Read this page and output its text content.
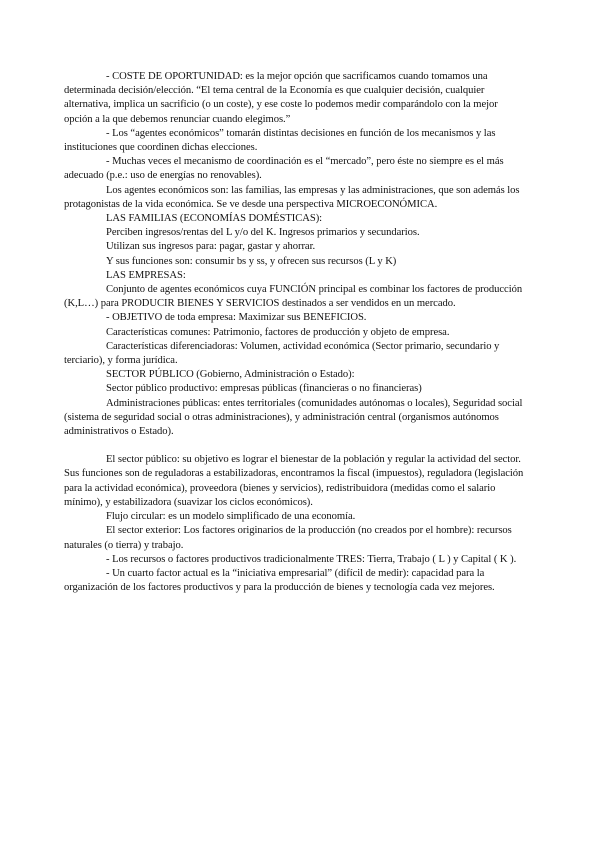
- COSTE DE OPORTUNIDAD: es la mejor opción que sacrificamos cuando tomamos una determinada decisión/elección. “El tema central de la Economía es que cualquier decisión, cualquier alternativa, implica un sacrificio (o un coste), y ese coste lo podemos medir comparándolo con la mejor opción a la que debemos renunciar cuando elegimos.”

- Los “agentes económicos” tomarán distintas decisiones en función de los mecanismos y las instituciones que coordinen dichas elecciones.

- Muchas veces el mecanismo de coordinación es el “mercado”, pero éste no siempre es el más adecuado (p.e.: uso de energías no renovables).

Los agentes económicos son: las familias, las empresas y las administraciones, que son además los protagonistas de la vida económica. Se ve desde una perspectiva MICROECONÓMICA.

LAS FAMILIAS (ECONOMÍAS DOMÉSTICAS):

Perciben ingresos/rentas del L y/o del K. Ingresos primarios y secundarios.

Utilizan sus ingresos para: pagar, gastar y ahorrar.

Y sus funciones son: consumir bs y ss, y ofrecen sus recursos (L y K)

LAS EMPRESAS:

Conjunto de agentes económicos cuya FUNCIÓN principal es combinar los factores de producción (K,L…) para PRODUCIR BIENES Y SERVICIOS destinados a ser vendidos en un mercado.

- OBJETIVO de toda empresa: Maximizar sus BENEFICIOS.

Características comunes: Patrimonio, factores de producción y objeto de empresa.

Características diferenciadoras: Volumen, actividad económica (Sector primario, secundario y terciario), y forma jurídica.

SECTOR PÚBLICO (Gobierno, Administración o Estado):

Sector público productivo: empresas públicas (financieras o no financieras)

Administraciones públicas: entes territoriales (comunidades autónomas o locales), Seguridad social (sistema de seguridad social o otras administraciones), y administración central (organismos autónomos administrativos o Estado).

El sector público: su objetivo es lograr el bienestar de la población y regular la actividad del sector. Sus funciones son de reguladoras a estabilizadoras, encontramos la fiscal (impuestos), reguladora (legislación para la actividad económica), proveedora (bienes y servicios), redistribuidora (medidas como el salario mínimo), y estabilizadora (suavizar los ciclos económicos).

Flujo circular: es un modelo simplificado de una economía.

El sector exterior: Los factores originarios de la producción (no creados por el hombre): recursos naturales (o tierra) y trabajo.

- Los recursos o factores productivos tradicionalmente TRES: Tierra, Trabajo ( L ) y Capital ( K ).

- Un cuarto factor actual es la “iniciativa empresarial” (difícil de medir): capacidad para la organización de los factores productivos y para la producción de bienes y tecnología cada vez mejores.
